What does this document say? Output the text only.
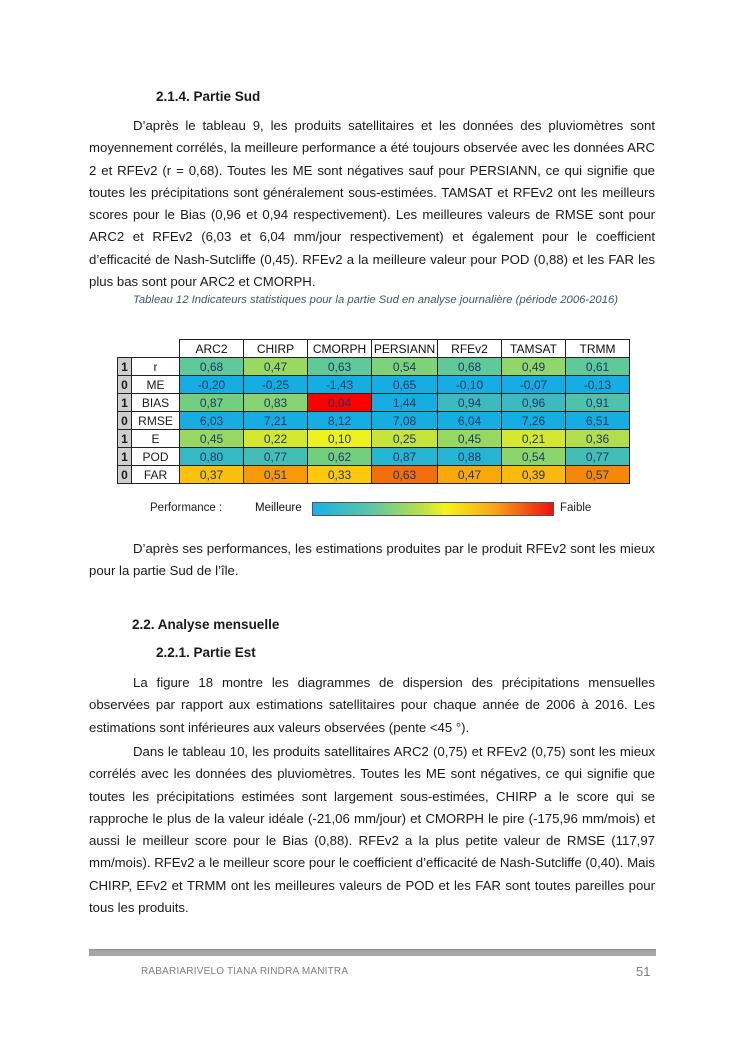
2.1.4. Partie Sud

D’après le tableau 9, les produits satellitaires et les données des pluviomètres sont moyennement corrélés, la meilleure performance a été toujours observée avec les données ARC 2 et RFEv2 (r = 0,68). Toutes les ME sont négatives sauf pour PERSIANN, ce qui signifie que toutes les précipitations sont généralement sous-estimées. TAMSAT et RFEv2 ont les meilleurs scores pour le Bias (0,96 et 0,94 respectivement). Les meilleures valeurs de RMSE sont pour ARC2 et RFEv2 (6,03 et 6,04 mm/jour respectivement) et également pour le coefficient d’efficacité de Nash-Sutcliffe (0,45). RFEv2 a la meilleure valeur pour POD (0,88) et les FAR les plus bas sont pour ARC2 et CMORPH.

Tableau 12 Indicateurs statistiques pour la partie Sud en analyse journalière (période 2006-2016)
		ARC2	CHIRP	CMORPH	PERSIANN	RFEv2	TAMSAT	TRMM
1	r	0,68	0,47	0,63	0,54	0,68	0,49	0,61
0	ME	-0,20	-0,25	-1,43	0,65	-0,10	-0,07	-0,13
1	BIAS	0,87	0,83	0,04	1,44	0,94	0,96	0,91
0	RMSE	6,03	7,21	8,12	7,08	6,04	7,26	6,51
1	E	0,45	0,22	0,10	0,25	0,45	0,21	0,36
1	POD	0,80	0,77	0,62	0,87	0,88	0,54	0,77
0	FAR	0,37	0,51	0,33	0,63	0,47	0,39	0,57
Performance :	Meilleure	Faible

D’après ses performances, les estimations produites par le produit RFEv2 sont les mieux pour la partie Sud de l’île.

2.2. Analyse mensuelle
2.2.1. Partie Est

La figure 18 montre les diagrammes de dispersion des précipitations mensuelles observées par rapport aux estimations satellitaires pour chaque année de 2006 à 2016. Les estimations sont inférieures aux valeurs observées (pente <45 °).

Dans le tableau 10, les produits satellitaires ARC2 (0,75) et RFEv2 (0,75) sont les mieux corrélés avec les données des pluviomètres. Toutes les ME sont négatives, ce qui signifie que toutes les précipitations estimées sont largement sous-estimées, CHIRP a le score qui se rapproche le plus de la valeur idéale (-21,06 mm/jour) et CMORPH le pire (-175,96 mm/mois) et aussi le meilleur score pour le Bias (0,88). RFEv2 a la plus petite valeur de RMSE (117,97 mm/mois). RFEv2 a le meilleur score pour le coefficient d’efficacité de Nash-Sutcliffe (0,40). Mais CHIRP, EFv2 et TRMM ont les meilleures valeurs de POD et les FAR sont toutes pareilles pour tous les produits.

RABARIARIVELO TIANA RINDRA MANITRA	51
